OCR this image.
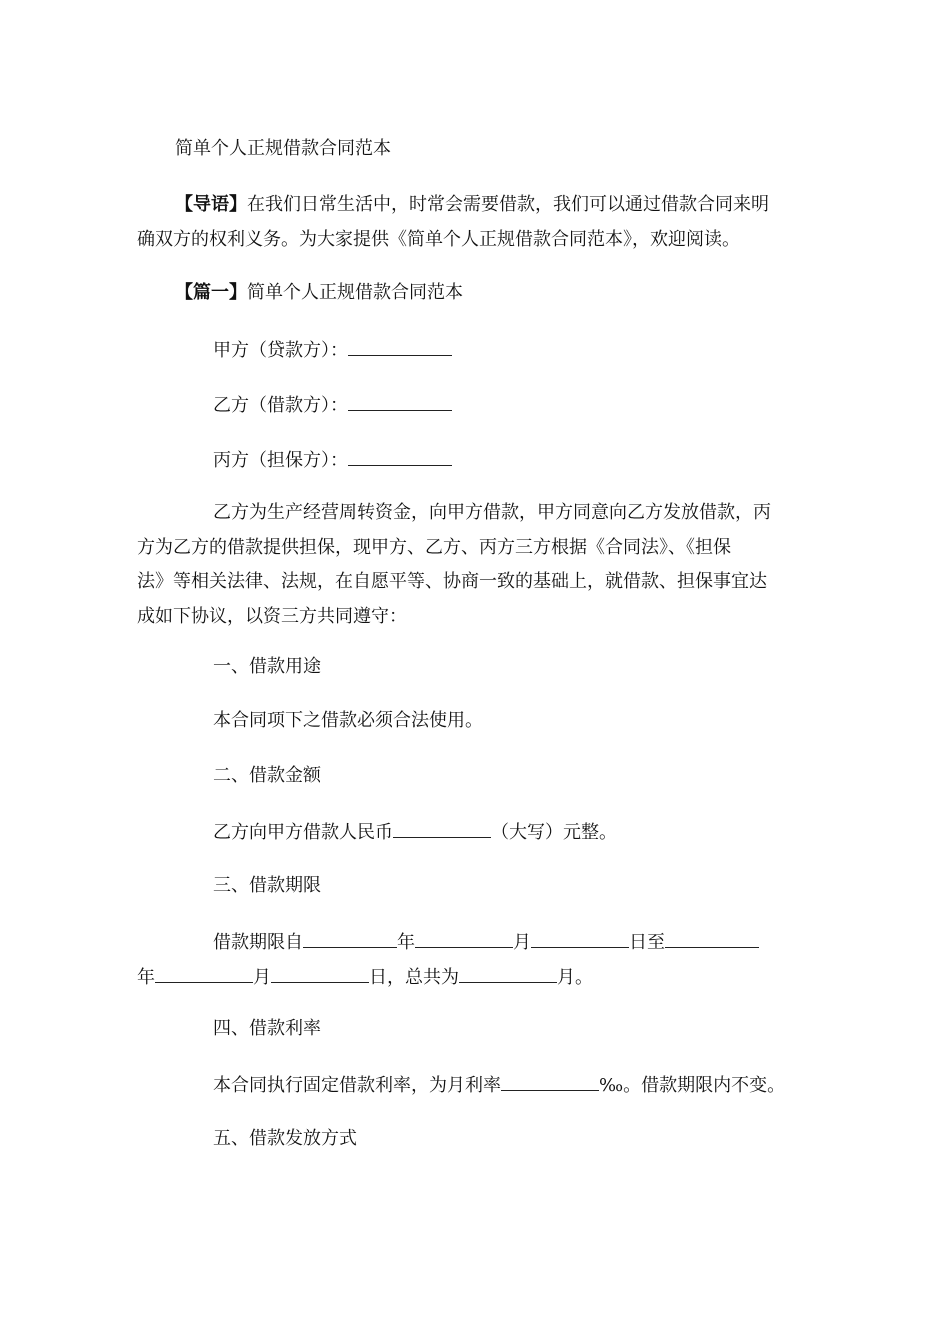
简单个人正规借款合同范本
【导语】在我们日常生活中，时常会需要借款，我们可以通过借款合同来明
确双方的权利义务。为大家提供《简单个人正规借款合同范本》，欢迎阅读。
【篇一】简单个人正规借款合同范本
甲方（贷款方）：
乙方（借款方）：
丙方（担保方）：
乙方为生产经营周转资金，向甲方借款，甲方同意向乙方发放借款，丙
方为乙方的借款提供担保，现甲方、乙方、丙方三方根据《合同法》、《担保
法》等相关法律、法规，在自愿平等、协商一致的基础上，就借款、担保事宜达
成如下协议，以资三方共同遵守：
一、借款用途
本合同项下之借款必须合法使用。
二、借款金额
乙方向甲方借款人民币	（大写）元整。
三、借款期限
借款期限自	年	月	日至
年	月	日，总共为	月。
四、借款利率
本合同执行固定借款利率，为月利率	‰。借款期限内不变。
五、借款发放方式
